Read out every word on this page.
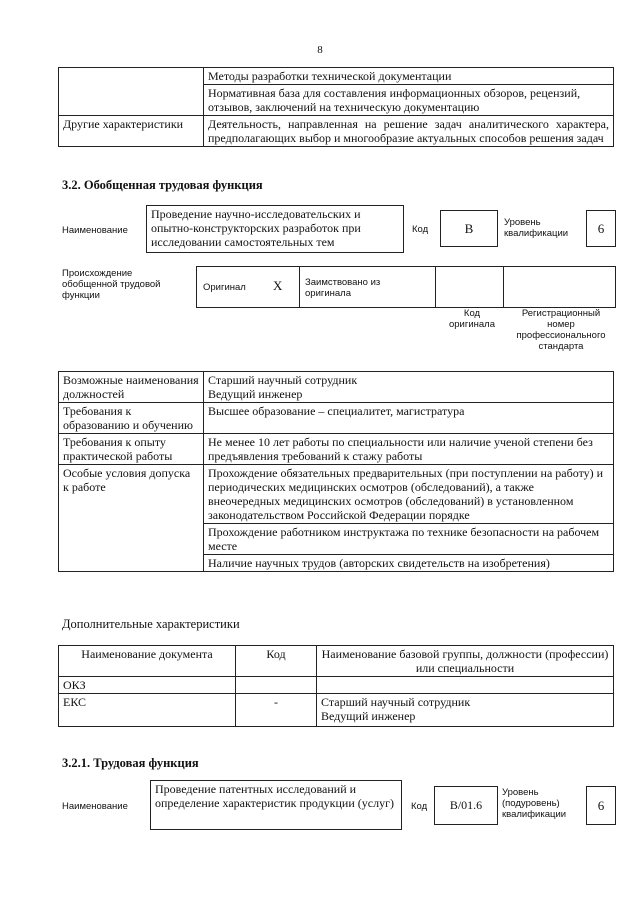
8
	Методы разработки технической документации
	Нормативная база для составления информационных обзоров, рецензий, отзывов, заключений на техническую документацию
Другие характеристики	Деятельность, направленная на решение задач аналитического характера, предполагающих выбор и многообразие актуальных способов решения задач
3.2. Обобщенная трудовая функция
Наименование
Проведение научно-исследовательских и опытно-конструкторских разработок при исследовании самостоятельных тем
Код	B	Уровень квалификации	6
Происхождение обобщенной трудовой функции
Оригинал X Заимствовано из оригинала
Код оригинала
Регистрационный номер профессионального стандарта
Возможные наименования должностей	Старший научный сотрудник
Ведущий инженер

Требования к образованию и обучению	Высшее образование – специалитет, магистратура
Требования к опыту практической работы	Не менее 10 лет работы по специальности или наличие ученой степени без предъявления требований к стажу работы
Особые условия допуска к работе	Прохождение обязательных предварительных (при поступлении на работу) и периодических медицинских осмотров (обследований), а также внеочередных медицинских осмотров (обследований) в установленном законодательством Российской Федерации порядке
	Прохождение работником инструктажа по технике безопасности на рабочем месте
	Наличие научных трудов (авторских свидетельств на изобретения)
Дополнительные характеристики
Наименование документа	Код	Наименование базовой группы, должности (профессии) или специальности
ОКЗ		
ЕКС	-	Старший научный сотрудник
Ведущий инженер
3.2.1. Трудовая функция
Наименование
Проведение патентных исследований и определение характеристик продукции (услуг)	Код	B/01.6
Уровень (подуровень) квалификации
6
